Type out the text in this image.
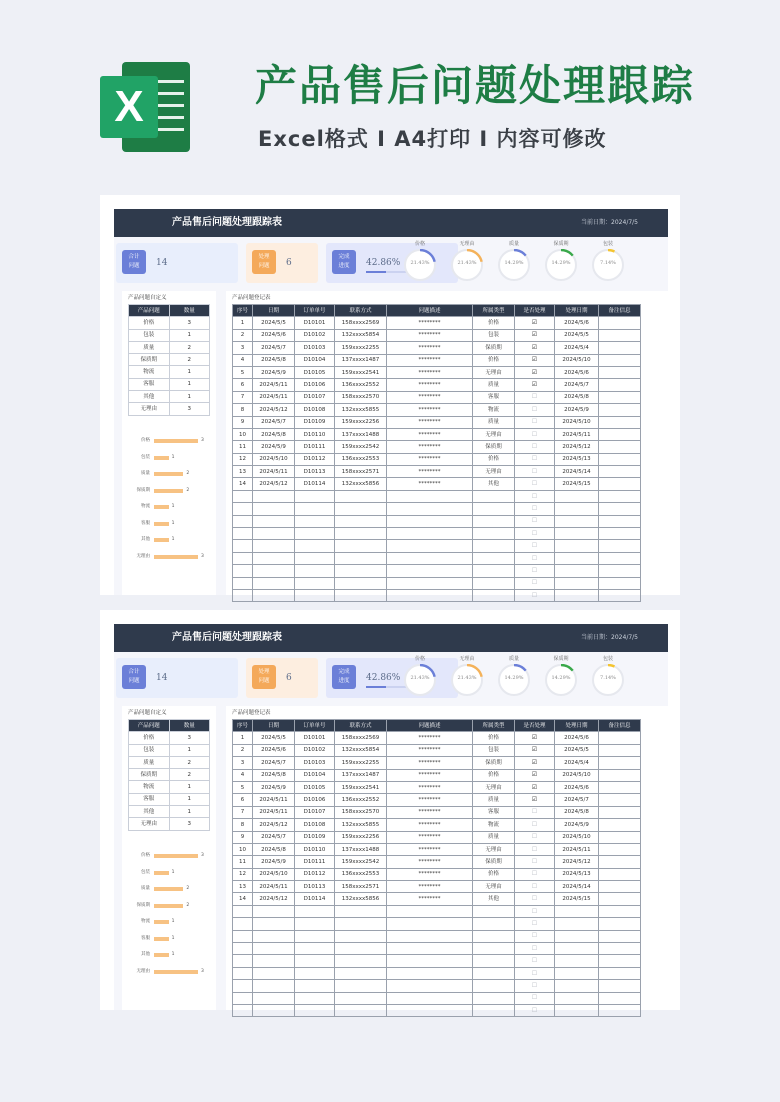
X	产品售后问题处理跟踪
Excel格式 I A4打印 I 内容可修改
产品售后问题处理跟踪表	当前日期：2024/7/5
合计
问题	14
处理
问题	6
完成
进度	42.86%
价格
21.43%
无理由
21.43%
质量
14.29%
保质期
14.29%
包装
7.14%
产品问题自定义
产品问题	数量
价格	3
包装	1
质量	2
保质期	2
物流	1
客服	1
其他	1
无理由	3
价格	3
包装	1
质量	2
保质期	2
物流	1
客服	1
其他	1
无理由	3
产品问题登记表
序号	日期	订单单号	联系方式	问题描述	所属类型	是否处理	处理日期	备注信息
1	2024/5/5	D10101	158xxxx2569	********	价格	☑	2024/5/6	
2	2024/5/6	D10102	132xxxx5854	********	包装	☑	2024/5/5	
3	2024/5/7	D10103	159xxxx2255	********	保质期	☑	2024/5/4	
4	2024/5/8	D10104	137xxxx1487	********	价格	☑	2024/5/10	
5	2024/5/9	D10105	159xxxx2541	********	无理由	☑	2024/5/6	
6	2024/5/11	D10106	136xxxx2552	********	质量	☑	2024/5/7	
7	2024/5/11	D10107	158xxxx2570	********	客服	☐	2024/5/8	
8	2024/5/12	D10108	132xxxx5855	********	物流	☐	2024/5/9	
9	2024/5/7	D10109	159xxxx2256	********	质量	☐	2024/5/10	
10	2024/5/8	D10110	137xxxx1488	********	无理由	☐	2024/5/11	
11	2024/5/9	D10111	159xxxx2542	********	保质期	☐	2024/5/12	
12	2024/5/10	D10112	136xxxx2553	********	价格	☐	2024/5/13	
13	2024/5/11	D10113	158xxxx2571	********	无理由	☐	2024/5/14	
14	2024/5/12	D10114	132xxxx5856	********	其他	☐	2024/5/15	
						☐		
						☐		
						☐		
						☐		
						☐		
						☐		
						☐		
						☐		
						☐		
产品售后问题处理跟踪表	当前日期：2024/7/5
合计
问题	14
处理
问题	6
完成
进度	42.86%
价格
21.43%
无理由
21.43%
质量
14.29%
保质期
14.29%
包装
7.14%
产品问题自定义
产品问题	数量
价格	3
包装	1
质量	2
保质期	2
物流	1
客服	1
其他	1
无理由	3
价格	3
包装	1
质量	2
保质期	2
物流	1
客服	1
其他	1
无理由	3
产品问题登记表
序号	日期	订单单号	联系方式	问题描述	所属类型	是否处理	处理日期	备注信息
1	2024/5/5	D10101	158xxxx2569	********	价格	☑	2024/5/6	
2	2024/5/6	D10102	132xxxx5854	********	包装	☑	2024/5/5	
3	2024/5/7	D10103	159xxxx2255	********	保质期	☑	2024/5/4	
4	2024/5/8	D10104	137xxxx1487	********	价格	☑	2024/5/10	
5	2024/5/9	D10105	159xxxx2541	********	无理由	☑	2024/5/6	
6	2024/5/11	D10106	136xxxx2552	********	质量	☑	2024/5/7	
7	2024/5/11	D10107	158xxxx2570	********	客服	☐	2024/5/8	
8	2024/5/12	D10108	132xxxx5855	********	物流	☐	2024/5/9	
9	2024/5/7	D10109	159xxxx2256	********	质量	☐	2024/5/10	
10	2024/5/8	D10110	137xxxx1488	********	无理由	☐	2024/5/11	
11	2024/5/9	D10111	159xxxx2542	********	保质期	☐	2024/5/12	
12	2024/5/10	D10112	136xxxx2553	********	价格	☐	2024/5/13	
13	2024/5/11	D10113	158xxxx2571	********	无理由	☐	2024/5/14	
14	2024/5/12	D10114	132xxxx5856	********	其他	☐	2024/5/15	
						☐		
						☐		
						☐		
						☐		
						☐		
						☐		
						☐		
						☐		
						☐		
